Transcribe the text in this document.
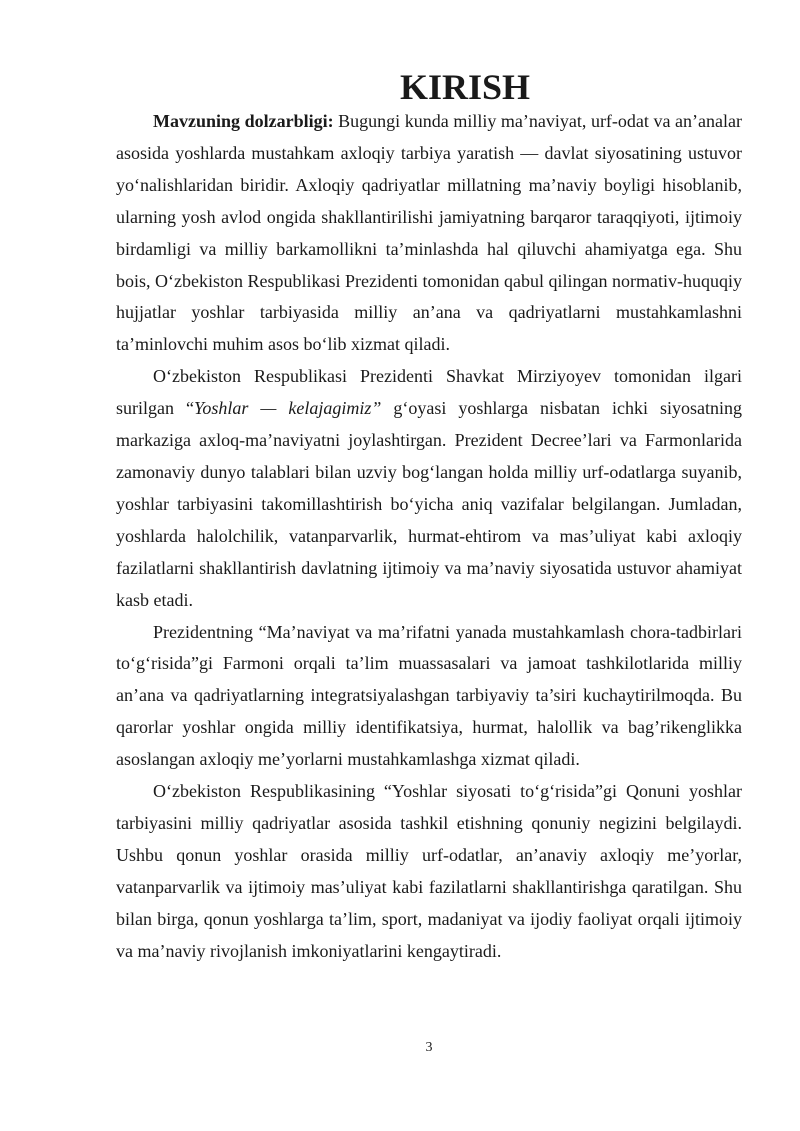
KIRISH

Mavzuning dolzarbligi: Bugungi kunda milliy ma’naviyat, urf-odat va an’analar asosida yoshlarda mustahkam axloqiy tarbiya yaratish — davlat siyosatining ustuvor yo‘nalishlaridan biridir. Axloqiy qadriyatlar millatning ma’naviy boyligi hisoblanib, ularning yosh avlod ongida shakllantirilishi jamiyatning barqaror taraqqiyoti, ijtimoiy birdamligi va milliy barkamollikni ta’minlashda hal qiluvchi ahamiyatga ega. Shu bois, O‘zbekiston Respublikasi Prezidenti tomonidan qabul qilingan normativ-huquqiy hujjatlar yoshlar tarbiyasida milliy an’ana va qadriyatlarni mustahkamlashni ta’minlovchi muhim asos bo‘lib xizmat qiladi.

O‘zbekiston Respublikasi Prezidenti Shavkat Mirziyoyev tomonidan ilgari surilgan “Yoshlar — kelajagimiz” g‘oyasi yoshlarga nisbatan ichki siyosatning markaziga axloq-ma’naviyatni joylashtirgan. Prezident Decree’lari va Farmonlarida zamonaviy dunyo talablari bilan uzviy bog‘langan holda milliy urf-odatlarga suyanib, yoshlar tarbiyasini takomillashtirish bo‘yicha aniq vazifalar belgilangan. Jumladan, yoshlarda halolchilik, vatanparvarlik, hurmat-ehtirom va mas’uliyat kabi axloqiy fazilatlarni shakllantirish davlatning ijtimoiy va ma’naviy siyosatida ustuvor ahamiyat kasb etadi.

Prezidentning “Ma’naviyat va ma’rifatni yanada mustahkamlash chora-tadbirlari to‘g‘risida”gi Farmoni orqali ta’lim muassasalari va jamoat tashkilotlarida milliy an’ana va qadriyatlarning integratsiyalashgan tarbiyaviy ta’siri kuchaytirilmoqda. Bu qarorlar yoshlar ongida milliy identifikatsiya, hurmat, halollik va bag’rikenglikka asoslangan axloqiy me’yorlarni mustahkamlashga xizmat qiladi.

O‘zbekiston Respublikasining “Yoshlar siyosati to‘g‘risida”gi Qonuni yoshlar tarbiyasini milliy qadriyatlar asosida tashkil etishning qonuniy negizini belgilaydi. Ushbu qonun yoshlar orasida milliy urf-odatlar, an’anaviy axloqiy me’yorlar, vatanparvarlik va ijtimoiy mas’uliyat kabi fazilatlarni shakllantirishga qaratilgan. Shu bilan birga, qonun yoshlarga ta’lim, sport, madaniyat va ijodiy faoliyat orqali ijtimoiy va ma’naviy rivojlanish imkoniyatlarini kengaytiradi.

3
